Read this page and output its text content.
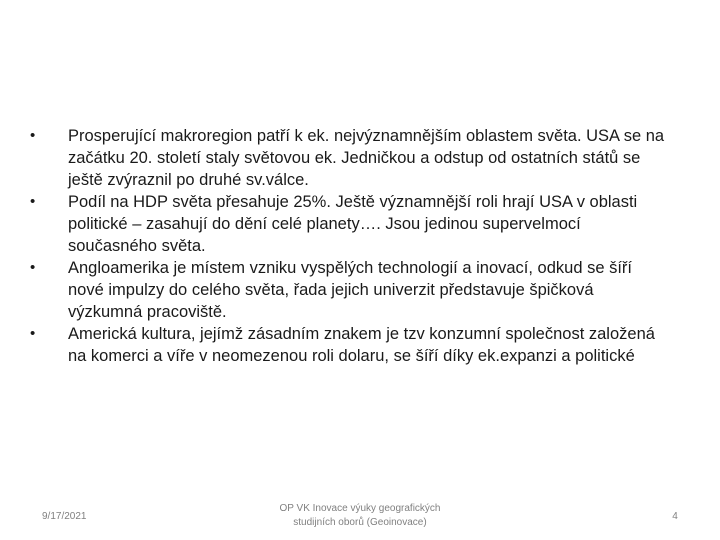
•	Prosperující makroregion patří k ek. nejvýznamnějším oblastem světa. USA se na začátku 20. století staly světovou ek. Jedničkou a odstup od ostatních států se ještě zvýraznil po druhé sv.válce.
•	Podíl na HDP světa přesahuje 25%. Ještě významnější roli hrají USA v oblasti politické – zasahují do dění celé planety…. Jsou jedinou supervelmocí současného světa.
•	Angloamerika je místem vzniku vyspělých technologií a inovací, odkud se šíří nové impulzy do celého světa, řada jejich univerzit představuje špičková výzkumná pracoviště.
•	Americká kultura, jejímž zásadním znakem je tzv konzumní společnost založená na komerci a víře v neomezenou roli dolaru, se šíří díky ek.expanzi a politické
9/17/2021
OP VK Inovace výuky geografických
studijních oborů (Geoinovace)
4
